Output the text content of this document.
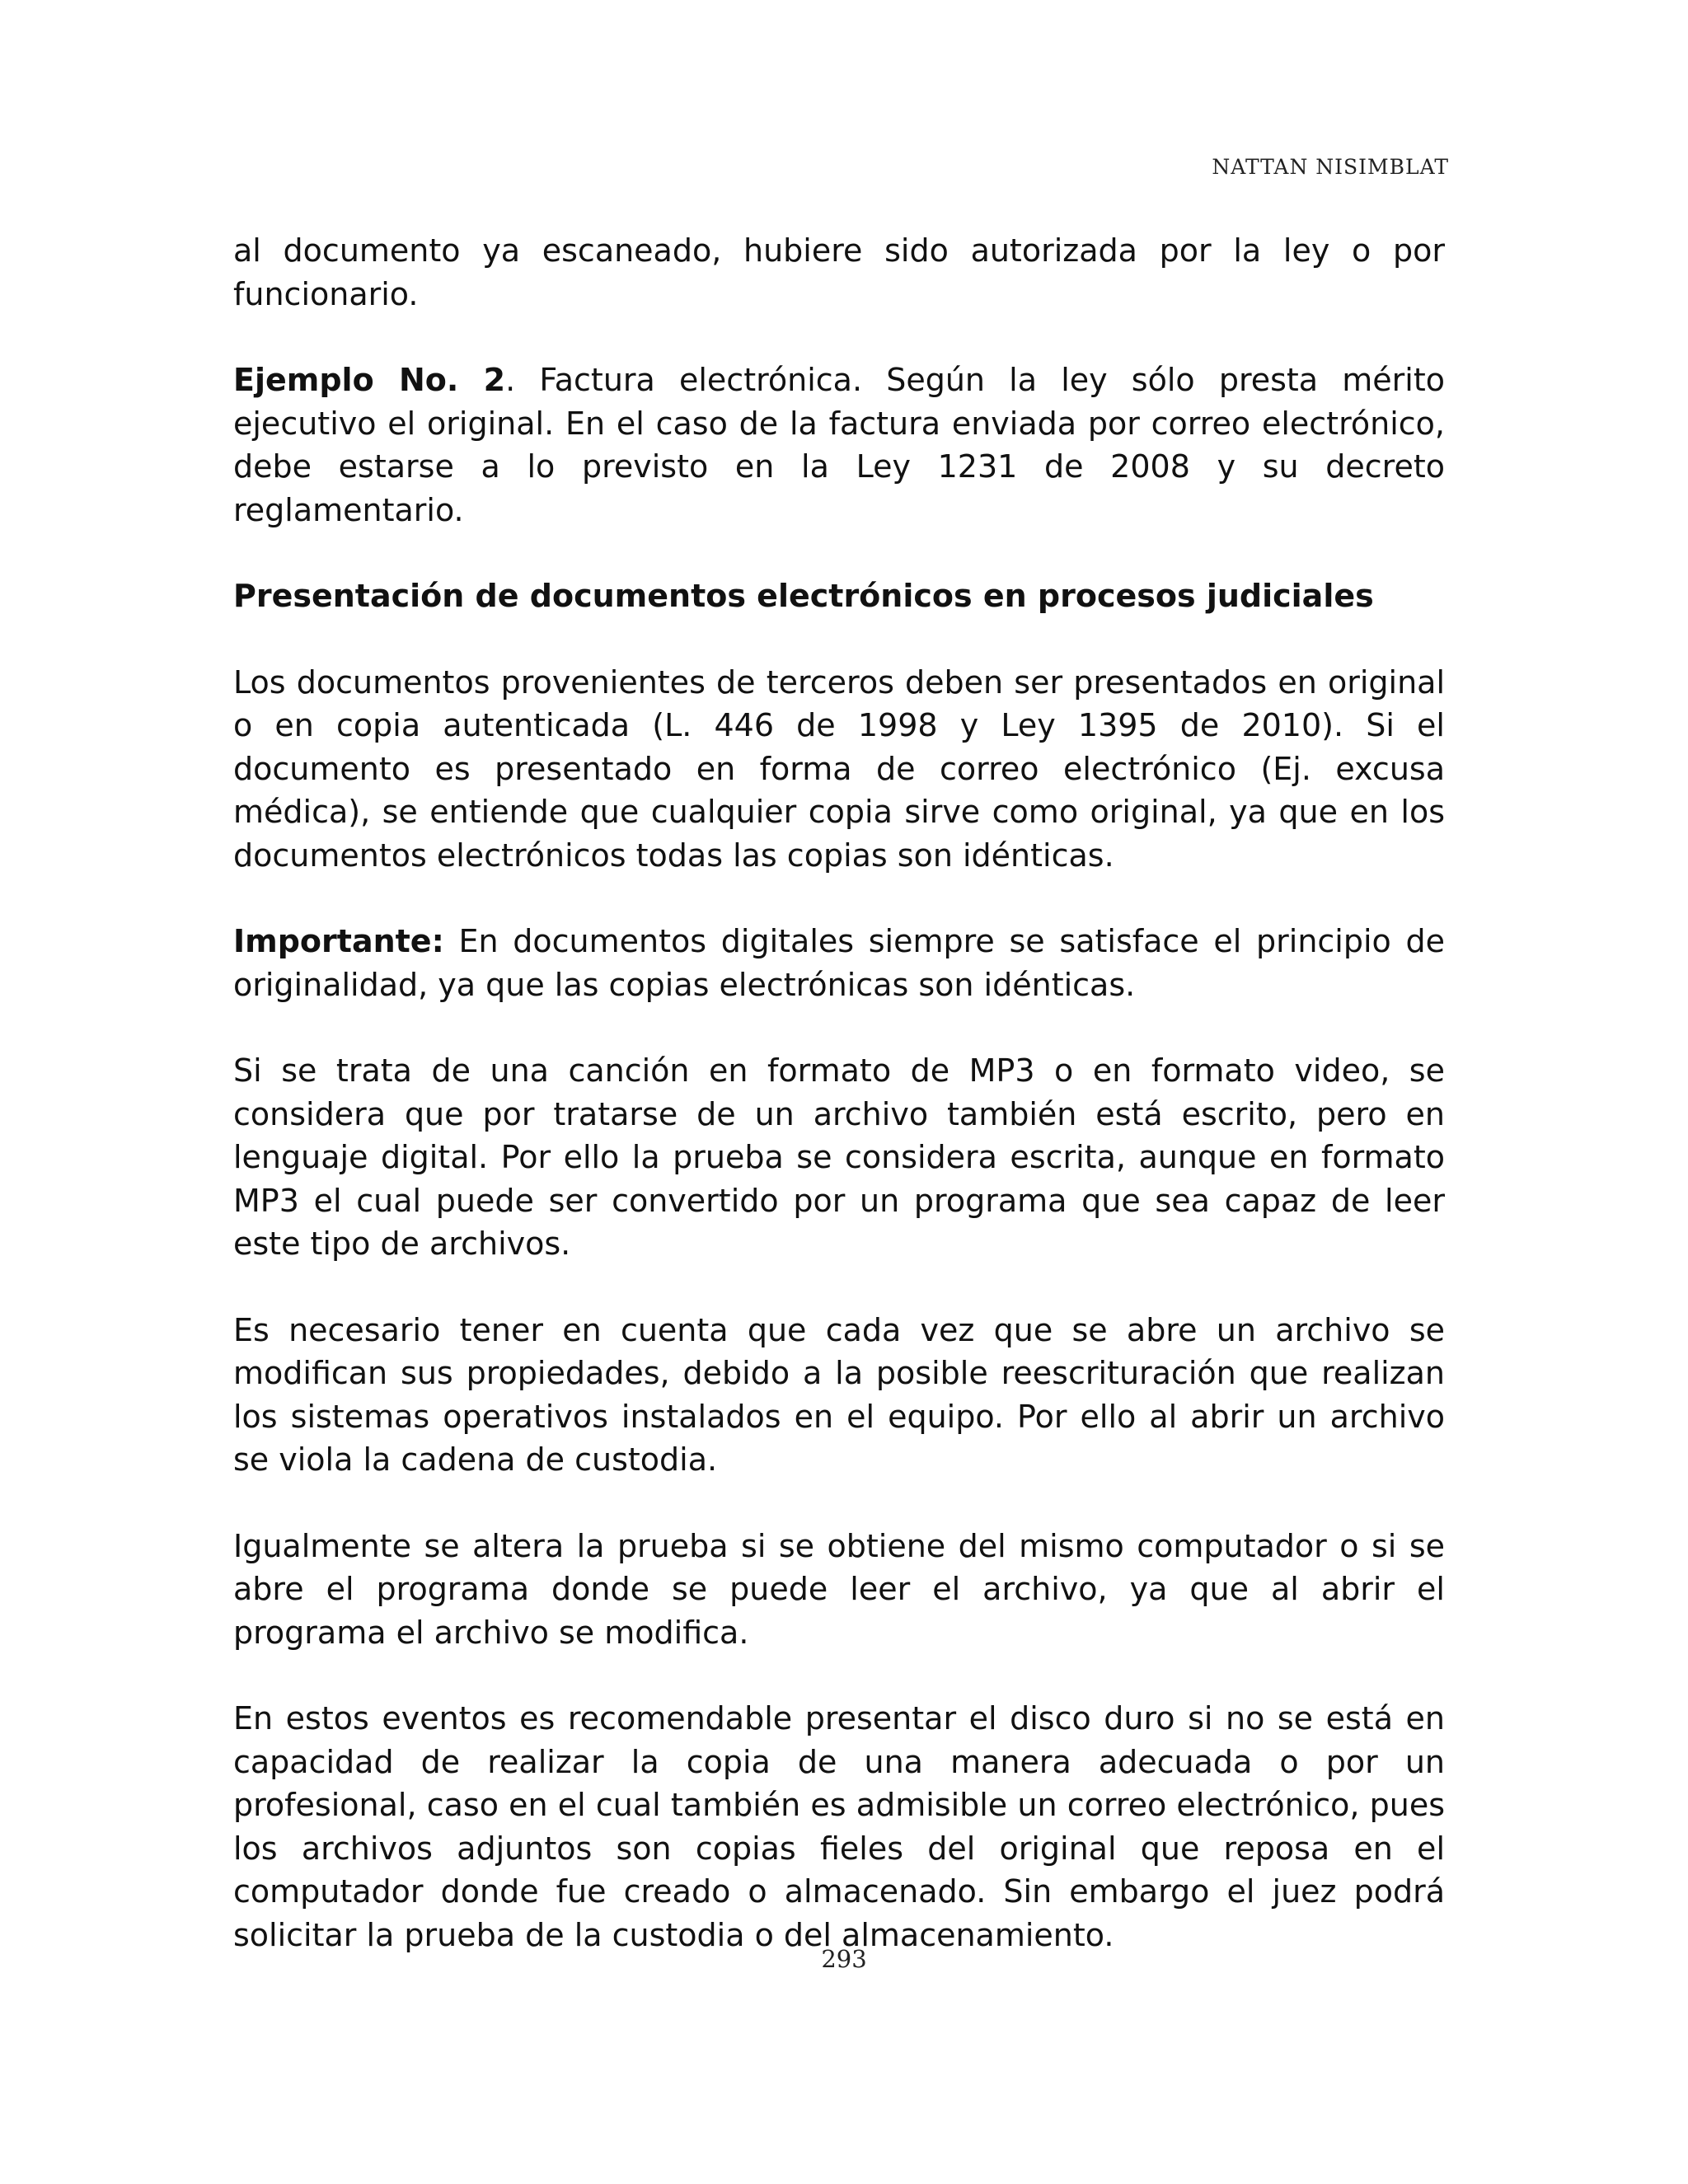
NATTAN NISIMBLAT

al documento ya escaneado, hubiere sido autorizada por la ley o por funcionario.

Ejemplo No. 2. Factura electrónica. Según la ley sólo presta mérito ejecutivo el original. En el caso de la factura enviada por correo electrónico, debe estarse a lo previsto en la Ley 1231 de 2008 y su decreto reglamentario.

Presentación de documentos electrónicos en procesos judiciales

Los documentos provenientes de terceros deben ser presentados en original o en copia autenticada (L. 446 de 1998 y Ley 1395 de 2010). Si el documento es presentado en forma de correo electrónico (Ej. excusa médica), se entiende que cualquier copia sirve como original, ya que en los documentos electrónicos todas las copias son idénticas.

Importante: En documentos digitales siempre se satisface el principio de originalidad, ya que las copias electrónicas son idénticas.

Si se trata de una canción en formato de MP3 o en formato video, se considera que por tratarse de un archivo también está escrito, pero en lenguaje digital. Por ello la prueba se considera escrita, aunque en formato MP3 el cual puede ser convertido por un programa que sea capaz de leer este tipo de archivos.

Es necesario tener en cuenta que cada vez que se abre un archivo se modifican sus propiedades, debido a la posible reescrituración que realizan los sistemas operativos instalados en el equipo. Por ello al abrir un archivo se viola la cadena de custodia.

Igualmente se altera la prueba si se obtiene del mismo computador o si se abre el programa donde se puede leer el archivo, ya que al abrir el programa el archivo se modifica.

En estos eventos es recomendable presentar el disco duro si no se está en capacidad de realizar la copia de una manera adecuada o por un profesional, caso en el cual también es admisible un correo electrónico, pues los archivos adjuntos son copias fieles del original que reposa en el computador donde fue creado o almacenado. Sin embargo el juez podrá solicitar la prueba de la custodia o del almacenamiento.

293
